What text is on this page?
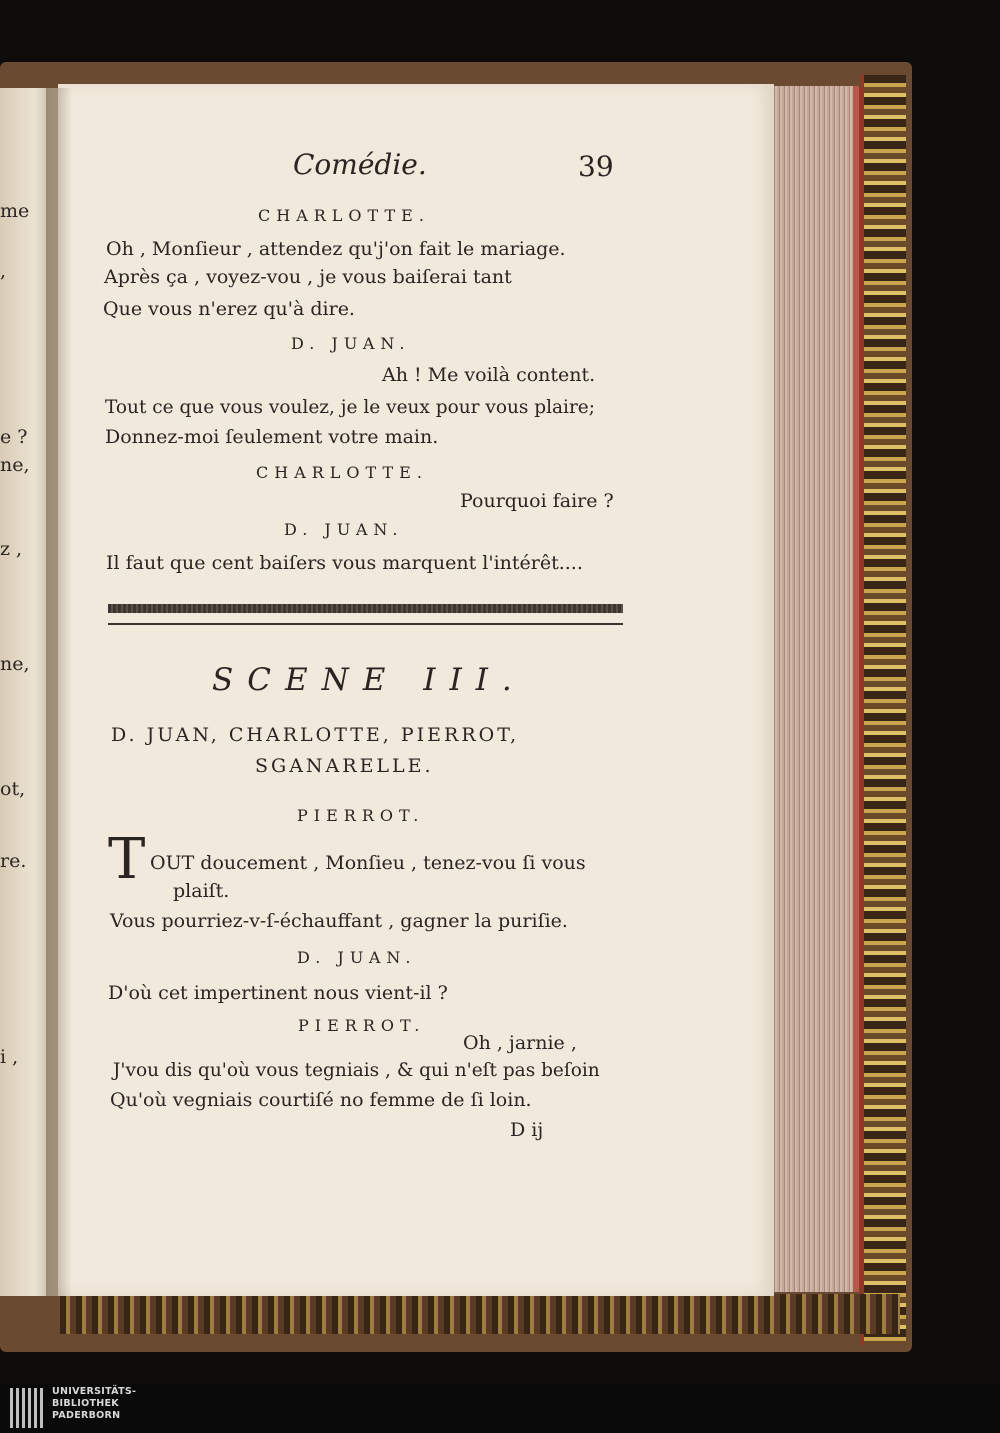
me
,
e ?
ne,
z ,
ne,
ot,
re.
i ,
Comédie.	39
CHARLOTTE.
Oh , Monſieur , attendez qu'j'on fait le mariage.
Après ça , voyez-vou , je vous baiſerai tant
Que vous n'erez qu'à dire.
D. JUAN.
Ah ! Me voilà content.
Tout ce que vous voulez, je le veux pour vous plaire;
Donnez-moi ſeulement votre main.
CHARLOTTE.
Pourquoi faire ?
D. JUAN.
Il faut que cent baiſers vous marquent l'intérêt....
SCENE III.
D. JUAN, CHARLOTTE, PIERROT,
SGANARELLE.
PIERROT.
T OUT doucement , Monſieu , tenez-vou ſi vous
plaiſt.
Vous pourriez-v-ſ-échauffant , gagner la puriſie.
D. JUAN.
D'où cet impertinent nous vient-il ?
PIERROT.
Oh , jarnie ,
J'vou dis qu'où vous tegniais , & qui n'eſt pas beſoin
Qu'où vegniais courtiſé no femme de ſi loin.
D ij
UNIVERSITÄTS-
BIBLIOTHEK
PADERBORN
